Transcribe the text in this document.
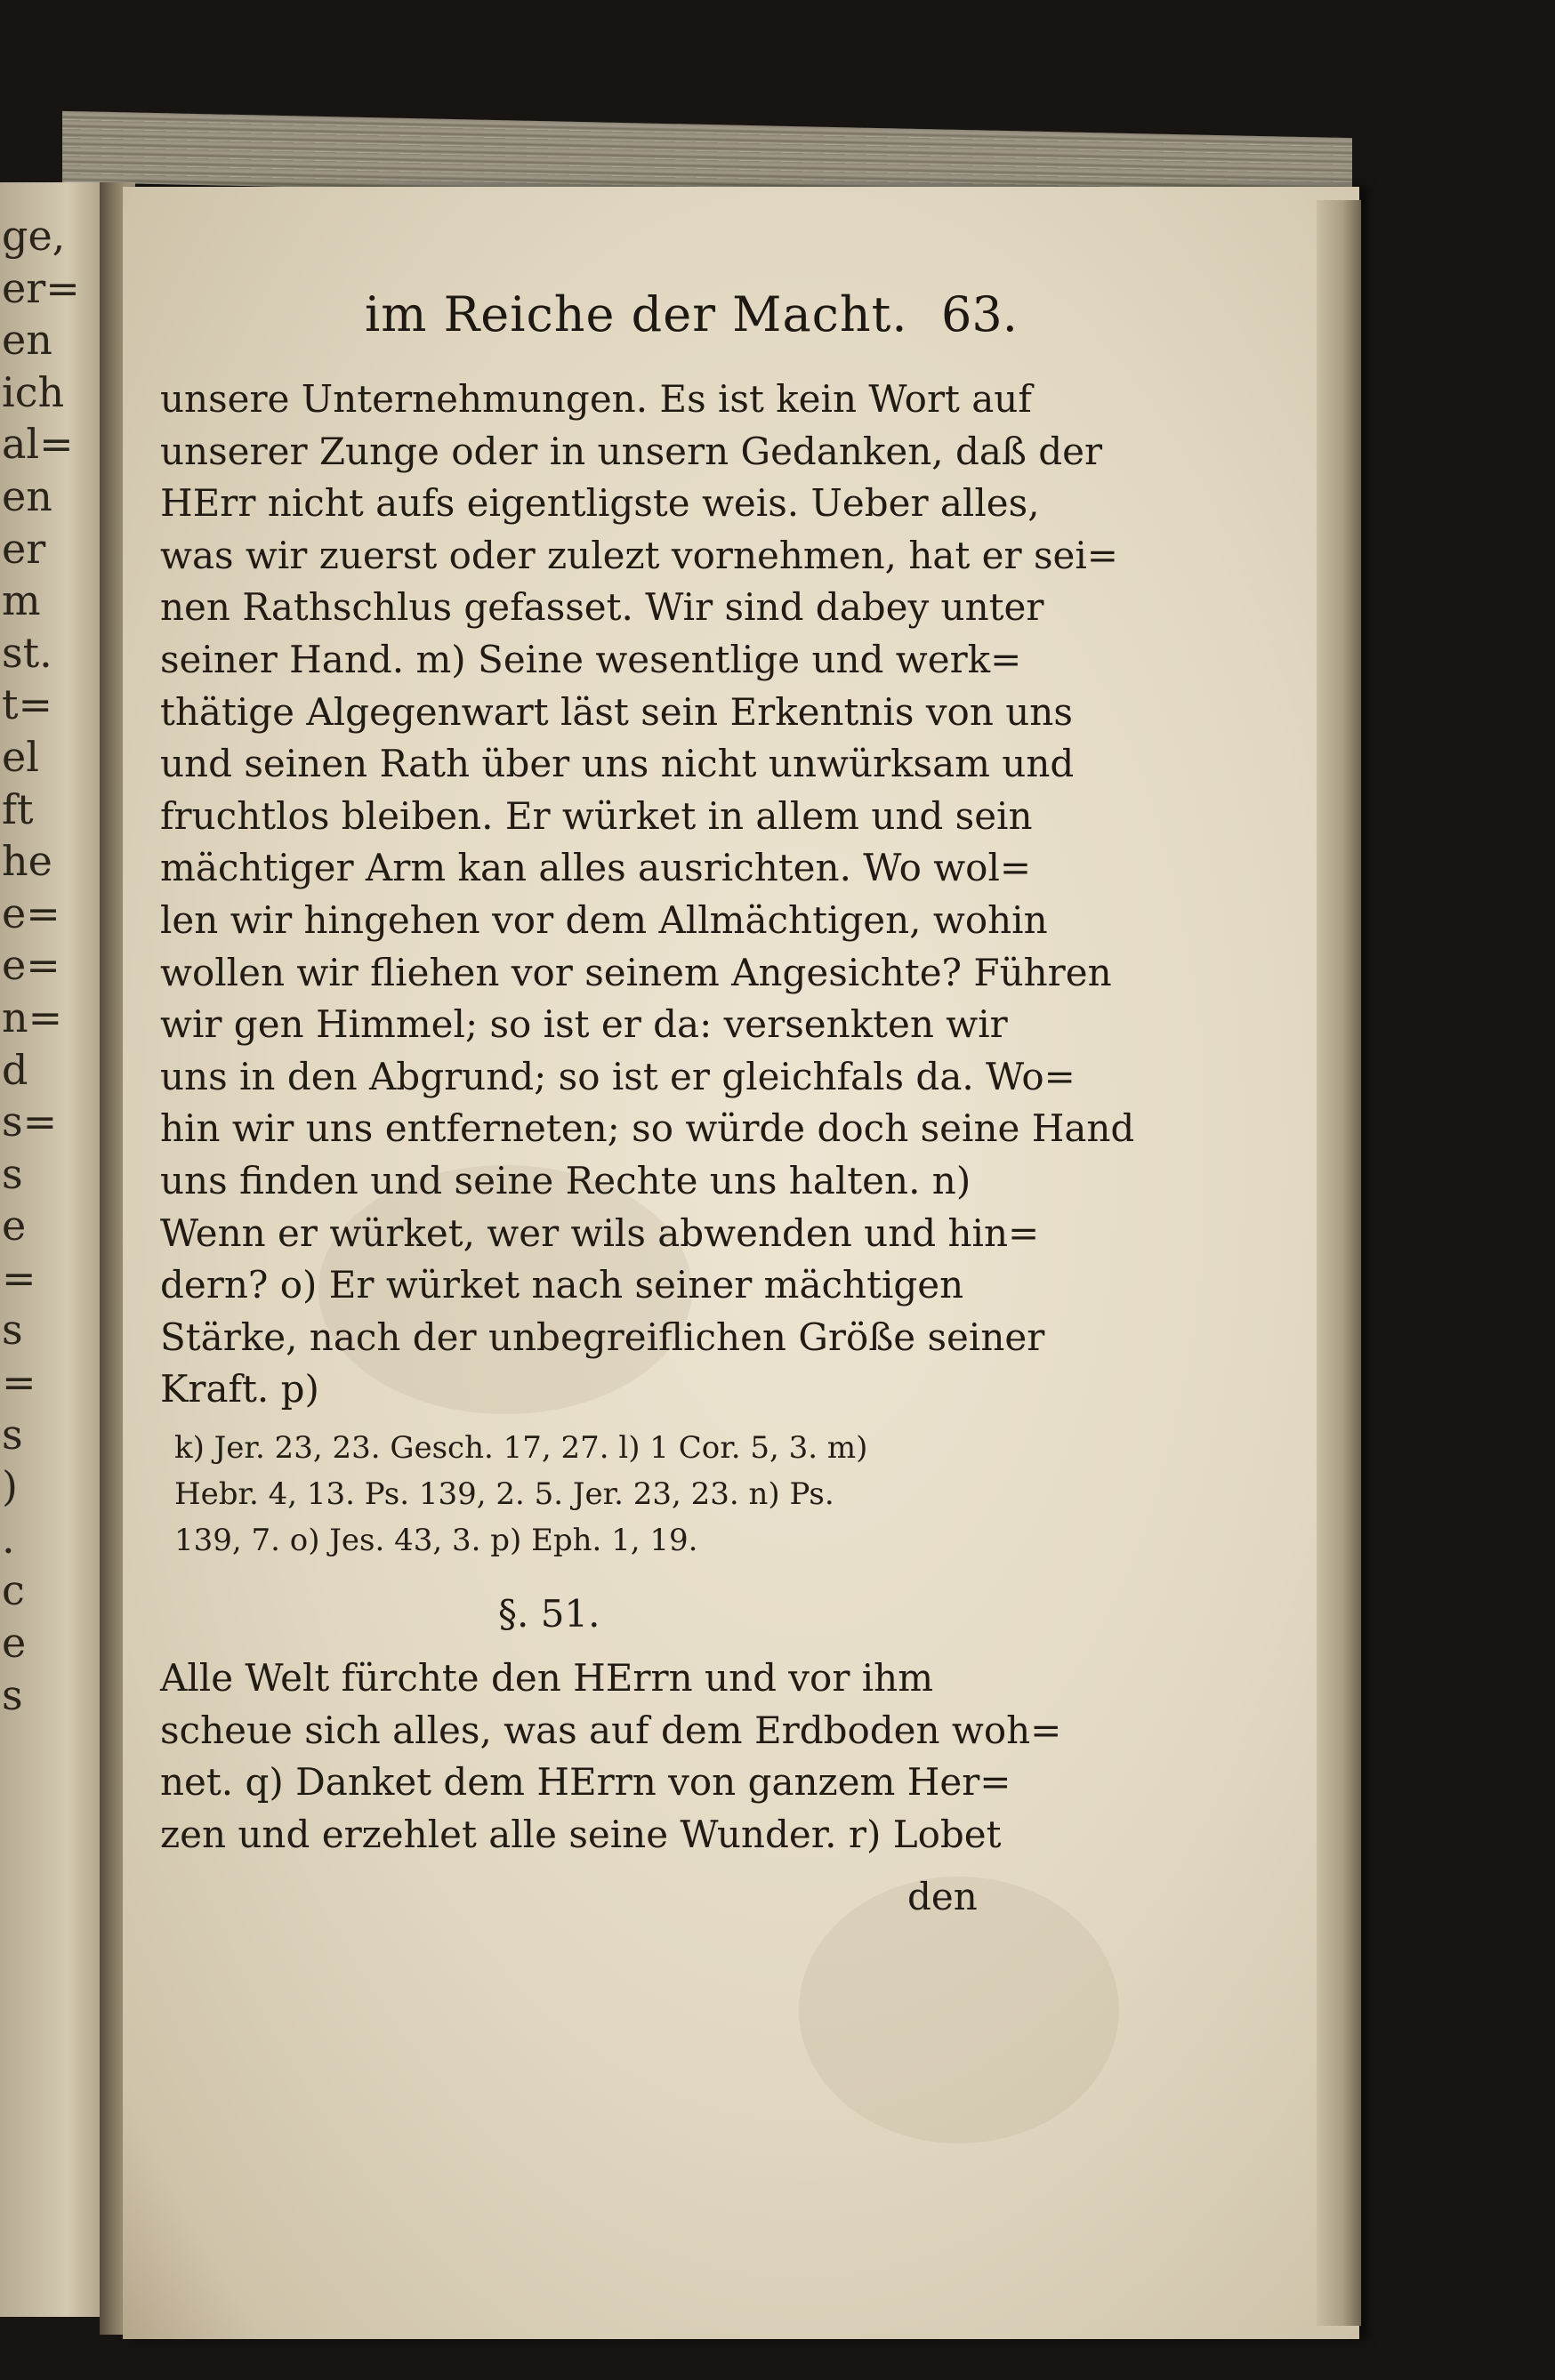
ge,
er=
en
ich
al=
en
er
m
st.
t=
el
ft
he
e=
e=
n=
d
s=
s
e
=
s
=
s
)
.
c
e
s
im Reiche der Macht. 63.
unsere Unternehmungen. Es ist kein Wort auf
unserer Zunge oder in unsern Gedanken, daß der
HErr nicht aufs eigentligste weis. Ueber alles,
was wir zuerst oder zulezt vornehmen, hat er sei=
nen Rathschlus gefasset. Wir sind dabey unter
seiner Hand. m) Seine wesentlige und werk=
thätige Algegenwart läst sein Erkentnis von uns
und seinen Rath über uns nicht unwürksam und
fruchtlos bleiben. Er würket in allem und sein
mächtiger Arm kan alles ausrichten. Wo wol=
len wir hingehen vor dem Allmächtigen, wohin
wollen wir fliehen vor seinem Angesichte? Führen
wir gen Himmel; so ist er da: versenkten wir
uns in den Abgrund; so ist er gleichfals da. Wo=
hin wir uns entferneten; so würde doch seine Hand
uns finden und seine Rechte uns halten. n)
Wenn er würket, wer wils abwenden und hin=
dern? o) Er würket nach seiner mächtigen
Stärke, nach der unbegreiflichen Größe seiner
Kraft. p)
k) Jer. 23, 23. Gesch. 17, 27. l) 1 Cor. 5, 3. m)
Hebr. 4, 13. Ps. 139, 2. 5. Jer. 23, 23. n) Ps.
139, 7. o) Jes. 43, 3. p) Eph. 1, 19.
§. 51.
Alle Welt fürchte den HErrn und vor ihm
scheue sich alles, was auf dem Erdboden woh=
net. q) Danket dem HErrn von ganzem Her=
zen und erzehlet alle seine Wunder. r) Lobet
den
